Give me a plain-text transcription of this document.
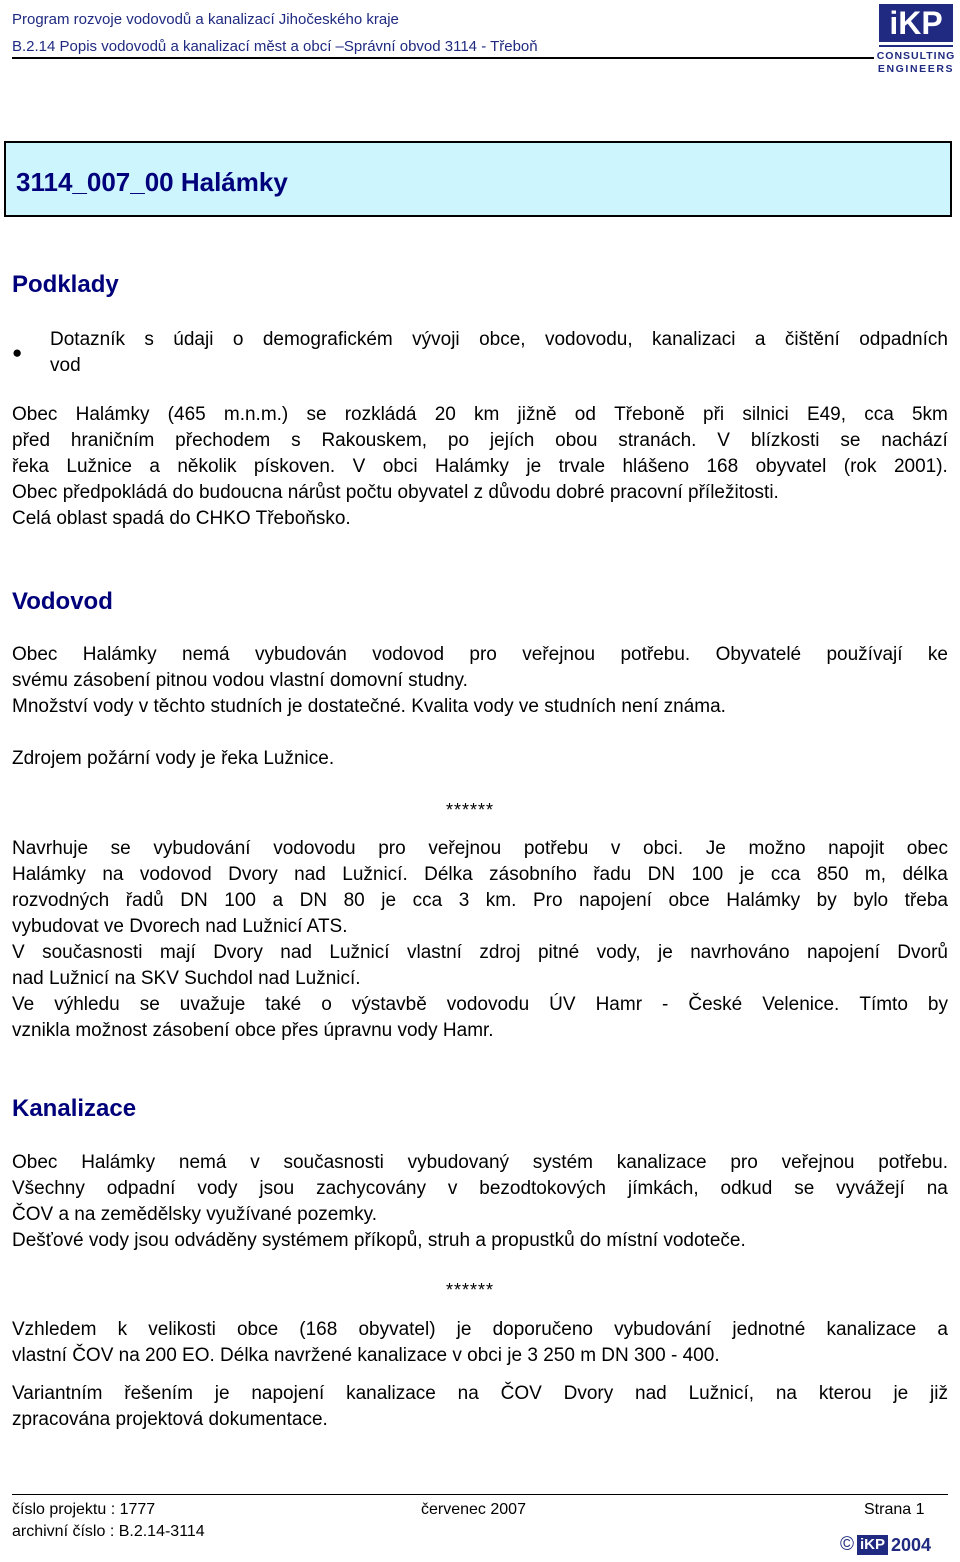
Program rozvoje vodovodů a kanalizací Jihočeského kraje
B.2.14 Popis vodovodů a kanalizací měst a obcí –Správní obvod 3114 - Třeboň
iKP
CONSULTING
ENGINEERS
3114_007_00 Halámky
Podklady
●
Dotazník s údaji o demografickém vývoji obce, vodovodu, kanalizaci a čištění odpadních
vod
Obec Halámky (465 m.n.m.) se rozkládá 20 km jižně od Třeboně při silnici E49, cca 5km
před hraničním přechodem s Rakouskem, po jejích obou stranách. V blízkosti se nachází
řeka Lužnice a několik pískoven. V obci Halámky je trvale hlášeno 168 obyvatel (rok 2001).
Obec předpokládá do budoucna nárůst počtu obyvatel z důvodu dobré pracovní příležitosti.
Celá oblast spadá do CHKO Třeboňsko.
Vodovod
Obec Halámky nemá vybudován vodovod pro veřejnou potřebu. Obyvatelé používají ke
svému zásobení pitnou vodou vlastní domovní studny.
Množství vody v těchto studních je dostatečné. Kvalita vody ve studních není známa.
Zdrojem požární vody je řeka Lužnice.
******
Navrhuje se vybudování vodovodu pro veřejnou potřebu v obci. Je možno napojit obec
Halámky na vodovod Dvory nad Lužnicí. Délka zásobního řadu DN 100 je cca 850 m, délka
rozvodných řadů DN 100 a DN 80 je cca 3 km. Pro napojení obce Halámky by bylo třeba
vybudovat ve Dvorech nad Lužnicí ATS.
V současnosti mají Dvory nad Lužnicí vlastní zdroj pitné vody, je navrhováno napojení Dvorů
nad Lužnicí na SKV Suchdol nad Lužnicí.
Ve výhledu se uvažuje také o výstavbě vodovodu ÚV Hamr - České Velenice. Tímto by
vznikla možnost zásobení obce přes úpravnu vody Hamr.
Kanalizace
Obec Halámky nemá v současnosti vybudovaný systém kanalizace pro veřejnou potřebu.
Všechny odpadní vody jsou zachycovány v bezodtokových jímkách, odkud se vyvážejí na
ČOV a na zemědělsky využívané pozemky.
Dešťové vody jsou odváděny systémem příkopů, struh a propustků do místní vodoteče.
******
Vzhledem k velikosti obce (168 obyvatel) je doporučeno vybudování jednotné kanalizace a
vlastní ČOV na 200 EO. Délka navržené kanalizace v obci je 3 250 m DN 300 - 400.
Variantním řešením je napojení kanalizace na ČOV Dvory nad Lužnicí, na kterou je již
zpracována projektová dokumentace.
číslo projektu : 1777
archivní číslo : B.2.14-3114
červenec 2007	Strana 1
© iKP 2004
